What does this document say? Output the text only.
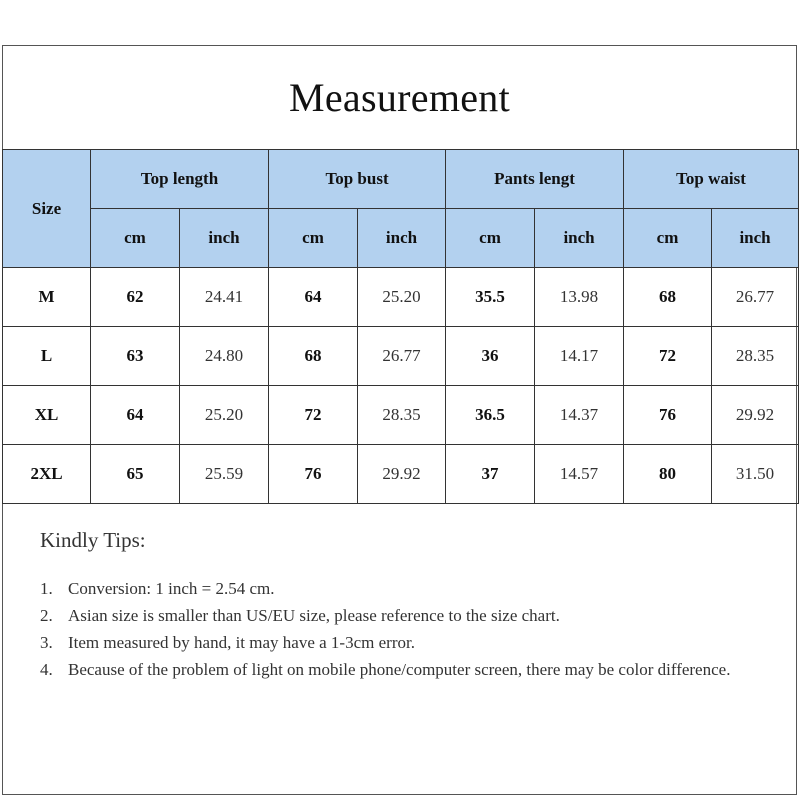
Measurement
Size	Top length		Top bust		Pants lengt		Top waist	
	cm	inch	cm	inch	cm	inch	cm	inch
M	62	24.41	64	25.20	35.5	13.98	68	26.77
L	63	24.80	68	26.77	36	14.17	72	28.35
XL	64	25.20	72	28.35	36.5	14.37	76	29.92
2XL	65	25.59	76	29.92	37	14.57	80	31.50
Kindly Tips:
1. Conversion: 1 inch = 2.54 cm.
2. Asian size is smaller than US/EU size, please reference to the size chart.
3. Item measured by hand, it may have a 1-3cm error.
4. Because of the problem of light on mobile phone/computer screen, there may be color difference.
